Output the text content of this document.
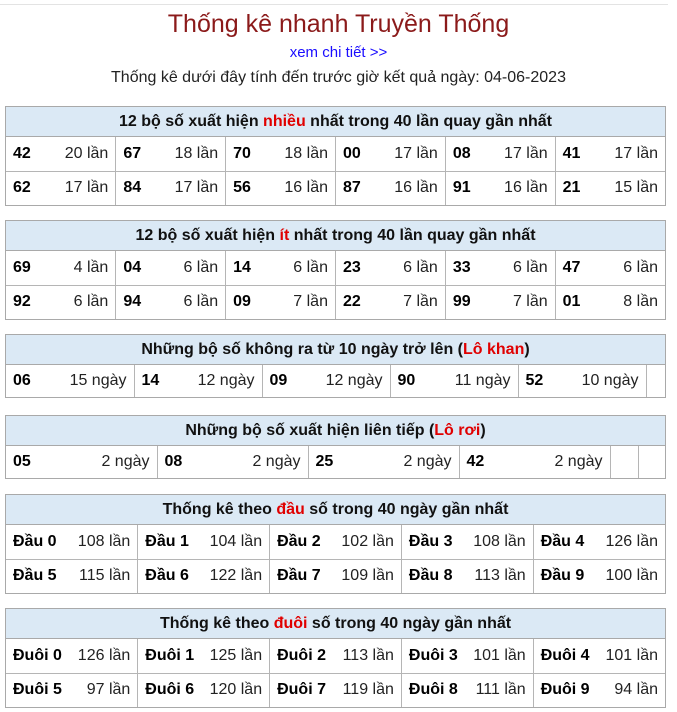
Thống kê nhanh Truyền Thống
xem chi tiết >>
Thống kê dưới đây tính đến trước giờ kết quả ngày: 04-06-2023
12 bộ số xuất hiện nhiều nhất trong 40 lần quay gần nhất
42 20 lần	67 18 lần	70 18 lần	00 17 lần	08 17 lần	41 17 lần

62 17 lần	84 17 lần	56 16 lần	87 16 lần	91 16 lần	21 15 lần
12 bộ số xuất hiện ít nhất trong 40 lần quay gần nhất
69 4 lần	04 6 lần	14 6 lần	23 6 lần	33 6 lần	47 6 lần

92 6 lần	94 6 lần	09 7 lần	22 7 lần	99 7 lần	01 8 lần
Những bộ số không ra từ 10 ngày trở lên (Lô khan)
06 15 ngày	14 12 ngày	09 12 ngày	90 11 ngày	52 10 ngày

Những bộ số xuất hiện liên tiếp (Lô rơi)
05	2 ngày	08	2 ngày	25	2 ngày	42	2 ngày

Thống kê theo đầu số trong 40 ngày gần nhất
Đầu 0 108 lần	Đầu 1 104 lần	Đầu 2 102 lần	Đầu 3 108 lần	Đầu 4 126 lần

Đầu 5 115 lần	Đầu 6 122 lần	Đầu 7 109 lần	Đầu 8 113 lần	Đầu 9 100 lần
Thống kê theo đuôi số trong 40 ngày gần nhất
Đuôi 0 126 lần	Đuôi 1 125 lần	Đuôi 2 113 lần	Đuôi 3 101 lần	Đuôi 4 101 lần

Đuôi 5 97 lần	Đuôi 6 120 lần	Đuôi 7 119 lần	Đuôi 8 111 lần	Đuôi 9 94 lần
